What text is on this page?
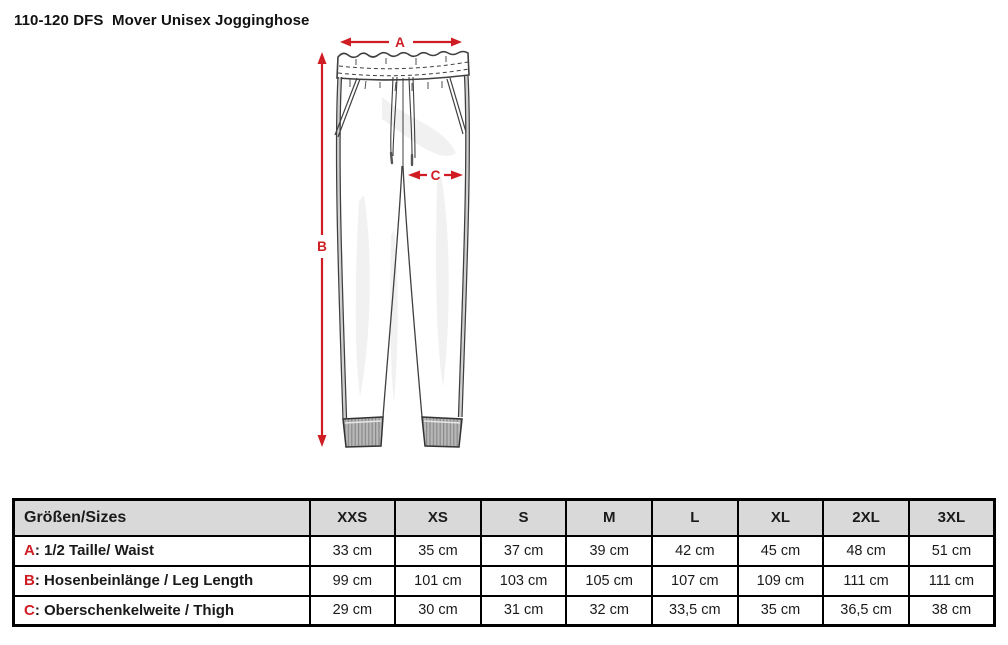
110-120 DFS  Mover Unisex Jogginghose
A
B
C
Größen/Sizes	XXS	XS	S	M	L	XL	2XL	3XL
A: 1/2 Taille/ Waist	33 cm	35 cm	37 cm	39 cm	42 cm	45 cm	48 cm	51 cm
B: Hosenbeinlänge / Leg Length	99 cm	101 cm	103 cm	105 cm	107 cm	109 cm	111 cm	111 cm
C: Oberschenkelweite / Thigh	29 cm	30 cm	31 cm	32 cm	33,5 cm	35 cm	36,5 cm	38 cm
